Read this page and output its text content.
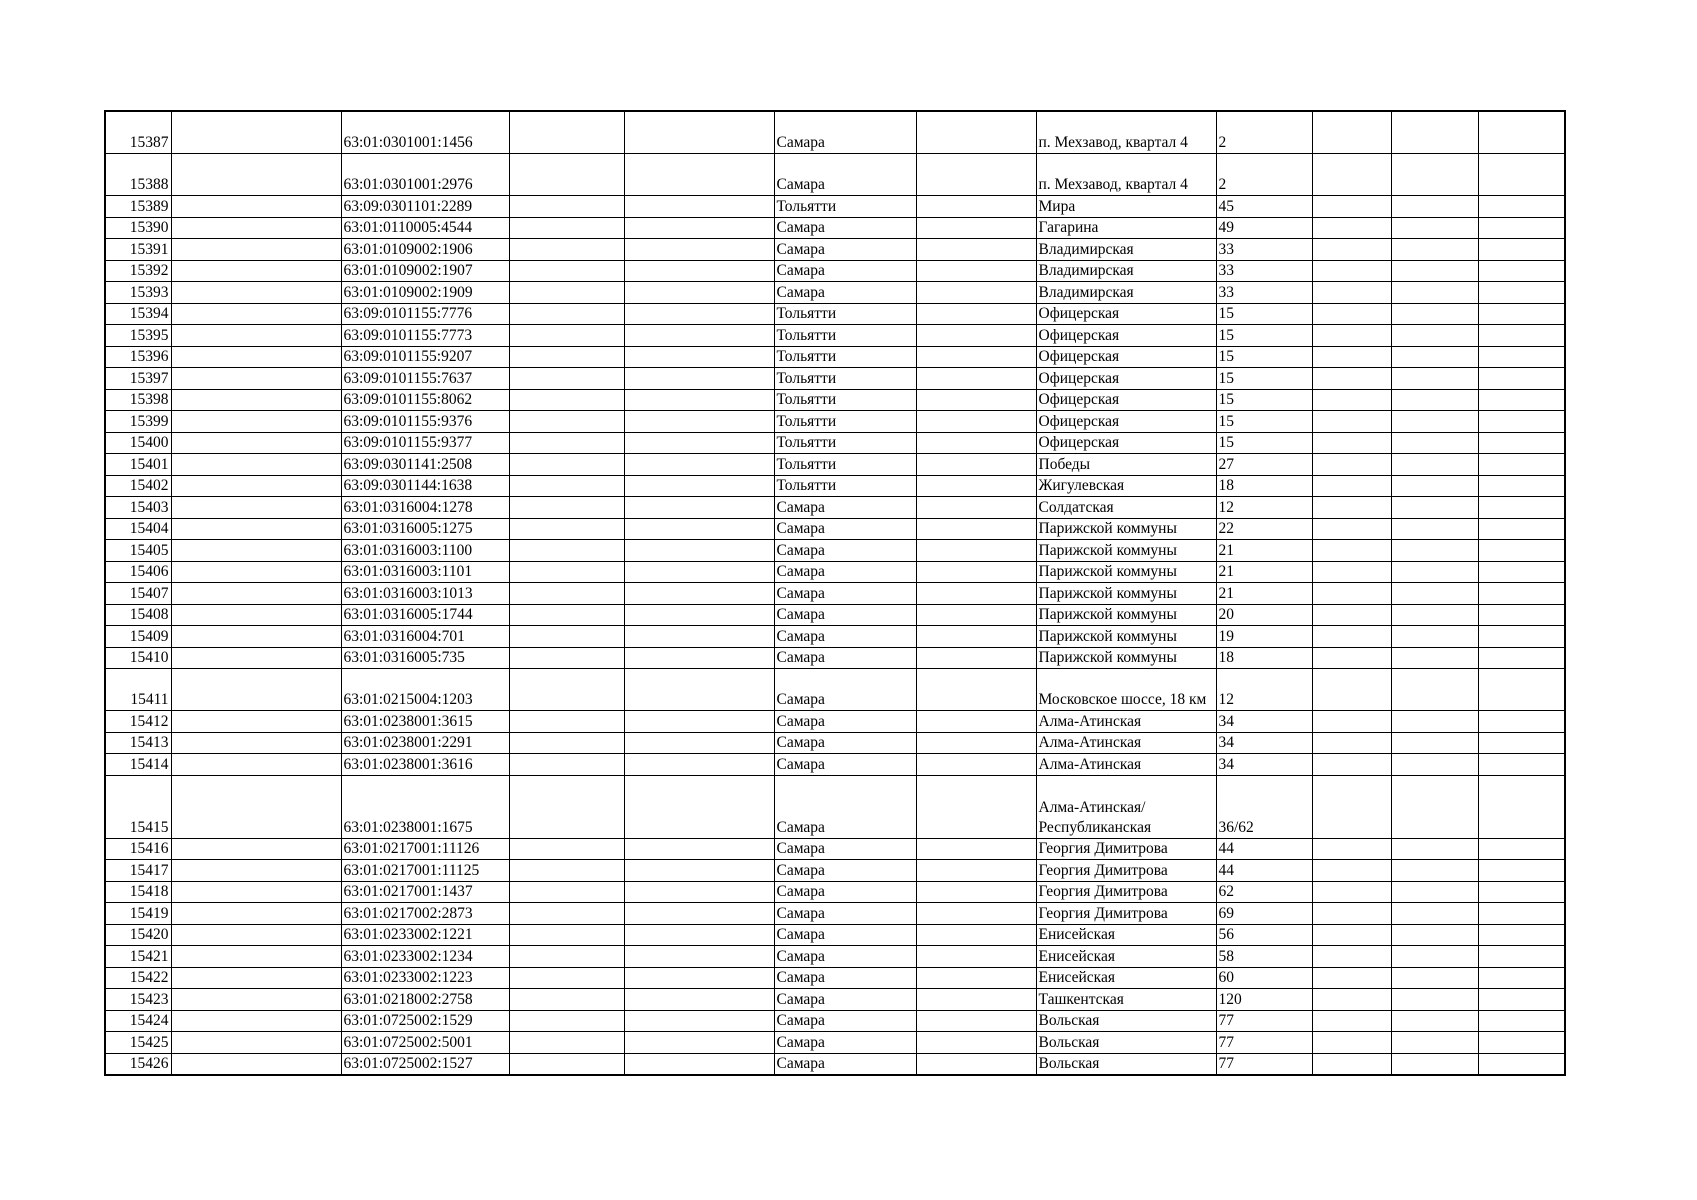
15387		63:01:0301001:1456			Самара		п. Мехзавод, квартал 4	2			
15388		63:01:0301001:2976			Самара		п. Мехзавод, квартал 4	2			
15389		63:09:0301101:2289			Тольятти		Мира	45			
15390		63:01:0110005:4544			Самара		Гагарина	49			
15391		63:01:0109002:1906			Самара		Владимирская	33			
15392		63:01:0109002:1907			Самара		Владимирская	33			
15393		63:01:0109002:1909			Самара		Владимирская	33			
15394		63:09:0101155:7776			Тольятти		Офицерская	15			
15395		63:09:0101155:7773			Тольятти		Офицерская	15			
15396		63:09:0101155:9207			Тольятти		Офицерская	15			
15397		63:09:0101155:7637			Тольятти		Офицерская	15			
15398		63:09:0101155:8062			Тольятти		Офицерская	15			
15399		63:09:0101155:9376			Тольятти		Офицерская	15			
15400		63:09:0101155:9377			Тольятти		Офицерская	15			
15401		63:09:0301141:2508			Тольятти		Победы	27			
15402		63:09:0301144:1638			Тольятти		Жигулевская	18			
15403		63:01:0316004:1278			Самара		Солдатская	12			
15404		63:01:0316005:1275			Самара		Парижской коммуны	22			
15405		63:01:0316003:1100			Самара		Парижской коммуны	21			
15406		63:01:0316003:1101			Самара		Парижской коммуны	21			
15407		63:01:0316003:1013			Самара		Парижской коммуны	21			
15408		63:01:0316005:1744			Самара		Парижской коммуны	20			
15409		63:01:0316004:701			Самара		Парижской коммуны	19			
15410		63:01:0316005:735			Самара		Парижской коммуны	18			
15411		63:01:0215004:1203			Самара		Московское шоссе, 18 км	12			
15412		63:01:0238001:3615			Самара		Алма-Атинская	34			
15413		63:01:0238001:2291			Самара		Алма-Атинская	34			
15414		63:01:0238001:3616			Самара		Алма-Атинская	34			
15415		63:01:0238001:1675			Самара		Алма-Атинская/Республиканская	36/62			
15416		63:01:0217001:11126			Самара		Георгия Димитрова	44			
15417		63:01:0217001:11125			Самара		Георгия Димитрова	44			
15418		63:01:0217001:1437			Самара		Георгия Димитрова	62			
15419		63:01:0217002:2873			Самара		Георгия Димитрова	69			
15420		63:01:0233002:1221			Самара		Енисейская	56			
15421		63:01:0233002:1234			Самара		Енисейская	58			
15422		63:01:0233002:1223			Самара		Енисейская	60			
15423		63:01:0218002:2758			Самара		Ташкентская	120			
15424		63:01:0725002:1529			Самара		Вольская	77			
15425		63:01:0725002:5001			Самара		Вольская	77			
15426		63:01:0725002:1527			Самара		Вольская	77			
